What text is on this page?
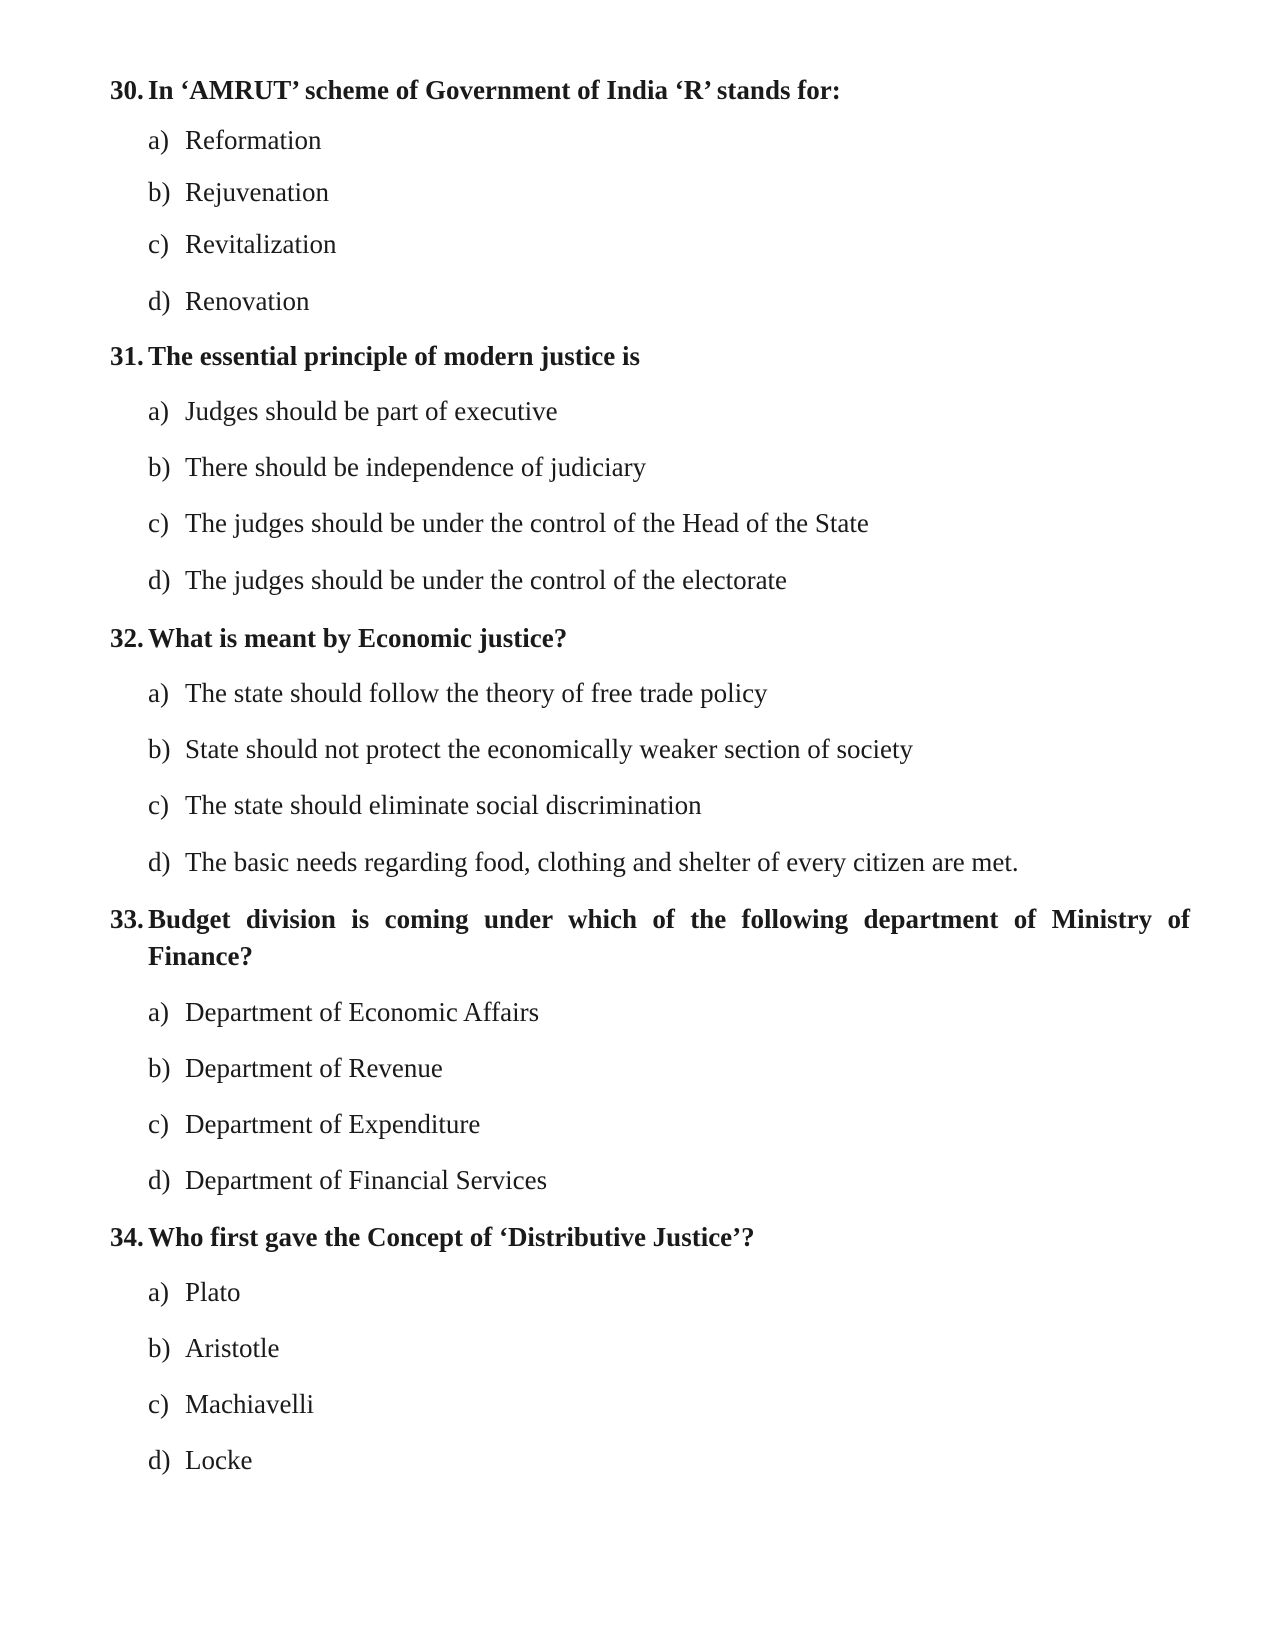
30. In ‘AMRUT’ scheme of Government of India ‘R’ stands for:
a) Reformation
b) Rejuvenation
c) Revitalization
d) Renovation
31. The essential principle of modern justice is
a) Judges should be part of executive
b) There should be independence of judiciary
c) The judges should be under the control of the Head of the State
d) The judges should be under the control of the electorate
32. What is meant by Economic justice?
a) The state should follow the theory of free trade policy
b) State should not protect the economically weaker section of society
c) The state should eliminate social discrimination
d) The basic needs regarding food, clothing and shelter of every citizen are met.
33. Budget division is coming under which of the following department of Ministry of Finance?
a) Department of Economic Affairs
b) Department of Revenue
c) Department of Expenditure
d) Department of Financial Services
34. Who first gave the Concept of ‘Distributive Justice’?
a) Plato
b) Aristotle
c) Machiavelli
d) Locke
